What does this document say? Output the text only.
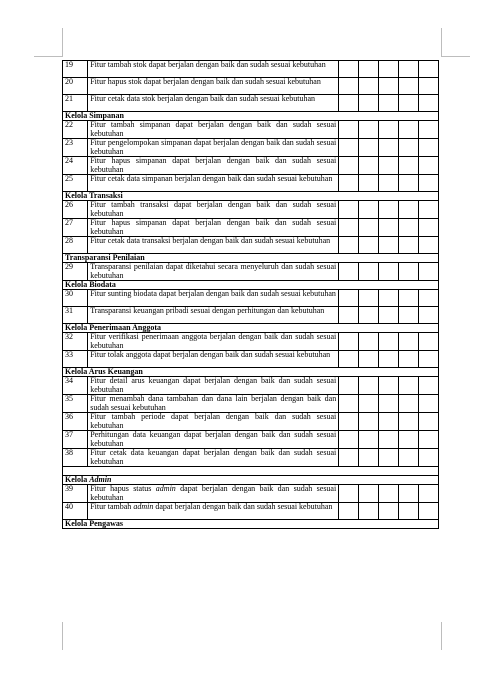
19	Fitur tambah stok dapat berjalan dengan baik dan sudah sesuai kebutuhan					
20	Fitur hapus stok dapat berjalan dengan baik dan sudah sesuai kebutuhan					
21	Fitur cetak data stok berjalan dengan baik dan sudah sesuai kebutuhan					
Kelola Simpanan						
22	Fitur tambah simpanan dapat berjalan dengan baik dan sudah sesuai kebutuhan					
23	Fitur pengelompokan simpanan dapat berjalan dengan baik dan sudah sesuai kebutuhan					
24	Fitur hapus simpanan dapat berjalan dengan baik dan sudah sesuai kebutuhan					
25	Fitur cetak data simpanan berjalan dengan baik dan sudah sesuai kebutuhan					
Kelola Transaksi						
26	Fitur tambah transaksi dapat berjalan dengan baik dan sudah sesuai kebutuhan					
27	Fitur hapus simpanan dapat berjalan dengan baik dan sudah sesuai kebutuhan					
28	Fitur cetak data transaksi berjalan dengan baik dan sudah sesuai kebutuhan					
Transparansi Penilaian						
29	Transparansi penilaian dapat diketahui secara menyeluruh dan sudah sesuai kebutuhan					
Kelola Biodata						
30	Fitur sunting biodata dapat berjalan dengan baik dan sudah sesuai kebutuhan					
31	Transparansi keuangan pribadi sesuai dengan perhitungan dan kebutuhan					
Kelola Penerimaan Anggota						
32	Fitur verifikasi penerimaan anggota berjalan dengan baik dan sudah sesuai kebutuhan					
33	Fitur tolak anggota dapat berjalan dengan baik dan sudah sesuai kebutuhan					
Kelola Arus Keuangan						
34	Fitur detail arus keuangan dapat berjalan dengan baik dan sudah sesuai kebutuhan					
35	Fitur menambah dana tambahan dan dana lain berjalan dengan baik dan sudah sesuai kebutuhan					
36	Fitur tambah periode dapat berjalan dengan baik dan sudah sesuai kebutuhan					
37	Perhitungan data keuangan dapat berjalan dengan baik dan sudah sesuai kebutuhan					
38	Fitur cetak data keuangan dapat berjalan dengan baik dan sudah sesuai kebutuhan					

Kelola Admin						
39	Fitur hapus status admin dapat berjalan dengan baik dan sudah sesuai kebutuhan					
40	Fitur tambah admin dapat berjalan dengan baik dan sudah sesuai kebutuhan					
Kelola Pengawas						
